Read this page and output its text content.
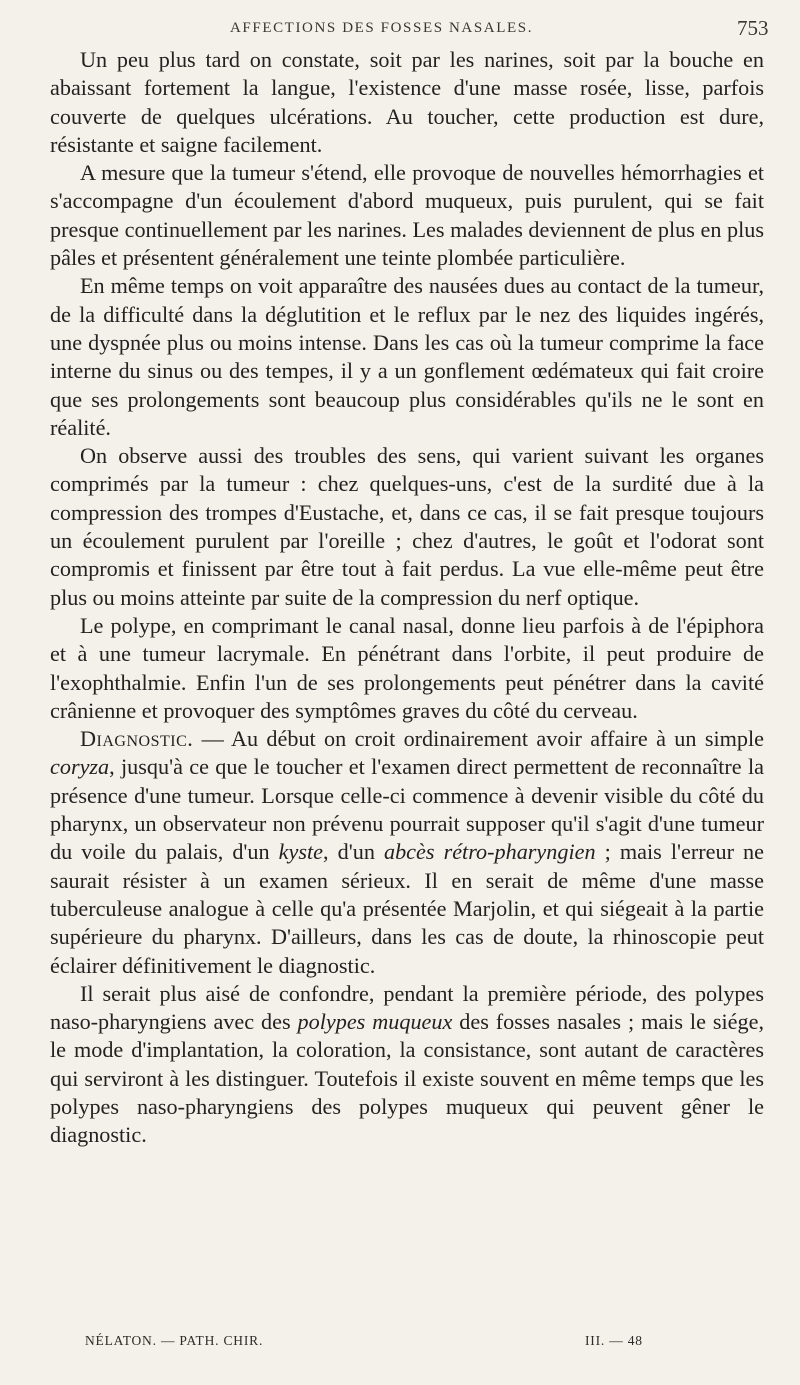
AFFECTIONS DES FOSSES NASALES.	753

Un peu plus tard on constate, soit par les narines, soit par la bouche en abaissant fortement la langue, l'existence d'une masse rosée, lisse, parfois couverte de quelques ulcérations. Au toucher, cette production est dure, résistante et saigne facilement.

A mesure que la tumeur s'étend, elle provoque de nouvelles hémorrhagies et s'accompagne d'un écoulement d'abord muqueux, puis purulent, qui se fait presque continuellement par les narines. Les malades deviennent de plus en plus pâles et présentent généralement une teinte plombée particulière.

En même temps on voit apparaître des nausées dues au contact de la tumeur, de la difficulté dans la déglutition et le reflux par le nez des liquides ingérés, une dyspnée plus ou moins intense. Dans les cas où la tumeur comprime la face interne du sinus ou des tempes, il y a un gonflement œdémateux qui fait croire que ses prolongements sont beaucoup plus considérables qu'ils ne le sont en réalité.

On observe aussi des troubles des sens, qui varient suivant les organes comprimés par la tumeur : chez quelques-uns, c'est de la surdité due à la compression des trompes d'Eustache, et, dans ce cas, il se fait presque toujours un écoulement purulent par l'oreille ; chez d'autres, le goût et l'odorat sont compromis et finissent par être tout à fait perdus. La vue elle-même peut être plus ou moins atteinte par suite de la compression du nerf optique.

Le polype, en comprimant le canal nasal, donne lieu parfois à de l'épiphora et à une tumeur lacrymale. En pénétrant dans l'orbite, il peut produire de l'exophthalmie. Enfin l'un de ses prolongements peut pénétrer dans la cavité crânienne et provoquer des symptômes graves du côté du cerveau.

Diagnostic. — Au début on croit ordinairement avoir affaire à un simple coryza, jusqu'à ce que le toucher et l'examen direct permettent de reconnaître la présence d'une tumeur. Lorsque celle-ci commence à devenir visible du côté du pharynx, un observateur non prévenu pourrait supposer qu'il s'agit d'une tumeur du voile du palais, d'un kyste, d'un abcès rétro-pharyngien ; mais l'erreur ne saurait résister à un examen sérieux. Il en serait de même d'une masse tuberculeuse analogue à celle qu'a présentée Marjolin, et qui siégeait à la partie supérieure du pharynx. D'ailleurs, dans les cas de doute, la rhinoscopie peut éclairer définitivement le diagnostic.

Il serait plus aisé de confondre, pendant la première période, des polypes naso-pharyngiens avec des polypes muqueux des fosses nasales ; mais le siége, le mode d'implantation, la coloration, la consistance, sont autant de caractères qui serviront à les distinguer. Toutefois il existe souvent en même temps que les polypes naso-pharyngiens des polypes muqueux qui peuvent gêner le diagnostic.

NÉLATON. — PATH. CHIR.	III. — 48
